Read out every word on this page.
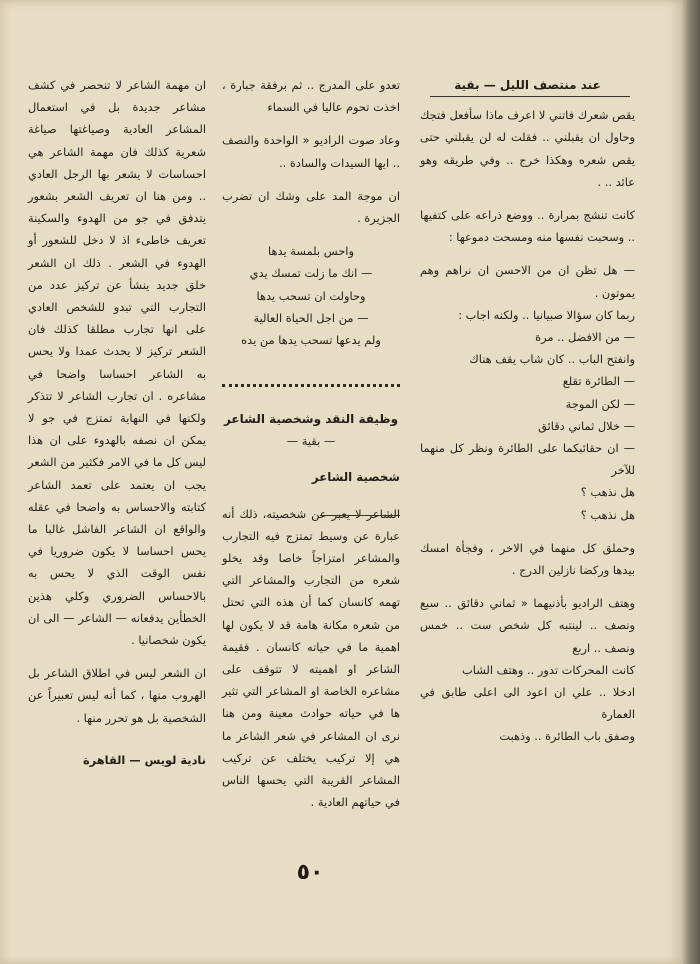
عند منتصف الليل — بقية

يقص شعرك فاتني لا اعرف ماذا سأفعل فتجك وحاول ان يقبلني .. فقلت له لن يقبلني حتى يقص شعره وهكذا خرج .. وفي طريقه وهو عائد .. .

كانت تنشج بمرارة .. ووضع ذراعه على كتفيها .. وسحبت نفسها منه ومسحت دموعها :

— هل تظن ان من الاحسن ان نراهم وهم يموتون .

ربما كان سؤالا صبيانيا .. ولكنه اجاب :

— من الافضل .. مرة

وانفتح الباب .. كان شاب يقف هناك

— الطائرة تقلع

— لكن الموجة

— خلال ثماني دقائق

— ان حقائبكما على الطائرة ونظر كل منهما للآخر

هل نذهب ؟

هل نذهب ؟

وحملق كل منهما في الاخر ، وفجأة امسك بيدها وركضا نازلين الدرج .

وهتف الراديو بأذنيهما « ثماني دقائق .. سبع ونصف .. لينتبه كل شخص ست .. خمس ونصف .. اربع

كانت المحركات تدور .. وهتف الشاب

ادخلا .. علي ان اعود الى اعلى طابق في العمارة

وصفق باب الطائرة .. وذهبت

تعدو على المدرج .. ثم برفقة جبارة ، اخذت تحوم عاليا في السماء

وعاد صوت الراديو « الواحدة والنصف .. ايها السيدات والسادة ..

ان موجة المد على وشك ان تضرب الجزيرة .

واحس بلمسة يدها

— انك ما زلت تمسك يدي

وحاولت ان تسحب يدها

— من اجل الحياة العالية

ولم يدعها تسحب يدها من يده

وظيفة النقد وشخصية الشاعر

— بقية —

شخصية الشاعر

الشاعر لا يعبر عن شخصيته، ذلك أنه عبارة عن وسيط تمتزج فيه التجارب والمشاعر امتزاجاً خاصا وقد يخلو شعره من التجارب والمشاعر التي تهمه كانسان كما أن هذه التي تحتل من شعره مكانة هامة قد لا يكون لها اهمية ما في حياته كانسان . فقيمة الشاعر او اهميته لا تتوقف على مشاعره الخاصة او المشاعر التي تثير ها في حياته حوادث معينة ومن هنا نرى ان المشاعر في شعر الشاعر ما هي إلا تركيب يختلف عن تركيب المشاعر القريبة التي يحسها الناس في حياتهم العادية .

ان مهمة الشاعر لا تنحصر في كشف مشاعر جديدة بل في استعمال المشاعر العادية وصياغتها صياغة شعرية كذلك فان مهمة الشاعر هي احساسات لا يشعر بها الرجل العادي .. ومن هنا ان تعريف الشعر بشعور يتدفق في جو من الهدوء والسكينة تعريف خاطىء اذ لا دخل للشعور أو الهدوء في الشعر . ذلك ان الشعر خلق جديد ينشأ عن تركيز عدد من التجارب التي تبدو للشخص العادي على انها تجارب مطلقا كذلك فان الشعر تركيز لا يحدث عمدا ولا يحس به الشاعر احساسا واضحا في مشاعره . ان تجارب الشاعر لا تتذكر ولكنها في النهاية تمتزج في جو لا يمكن ان نصفه بالهدوء على ان هذا ليس كل ما في الامر فكثير من الشعر يجب ان يعتمد على تعمد الشاعر كتابته والاحساس به واضحا في عقله والواقع ان الشاعر الفاشل غالبا ما يحس احساسا لا يكون ضروريا في نفس الوقت الذي لا يحس به بالاحساس الضروري وكلي هذين الخطأين يدفعانه — الشاعر — الى ان يكون شخصانيا .

ان الشعر ليس في اطلاق الشاعر بل الهروب منها ، كما أنه ليس تعبيراً عن الشخصية بل هو تحرر منها .

نادية لويس — القاهرة

٥٠
